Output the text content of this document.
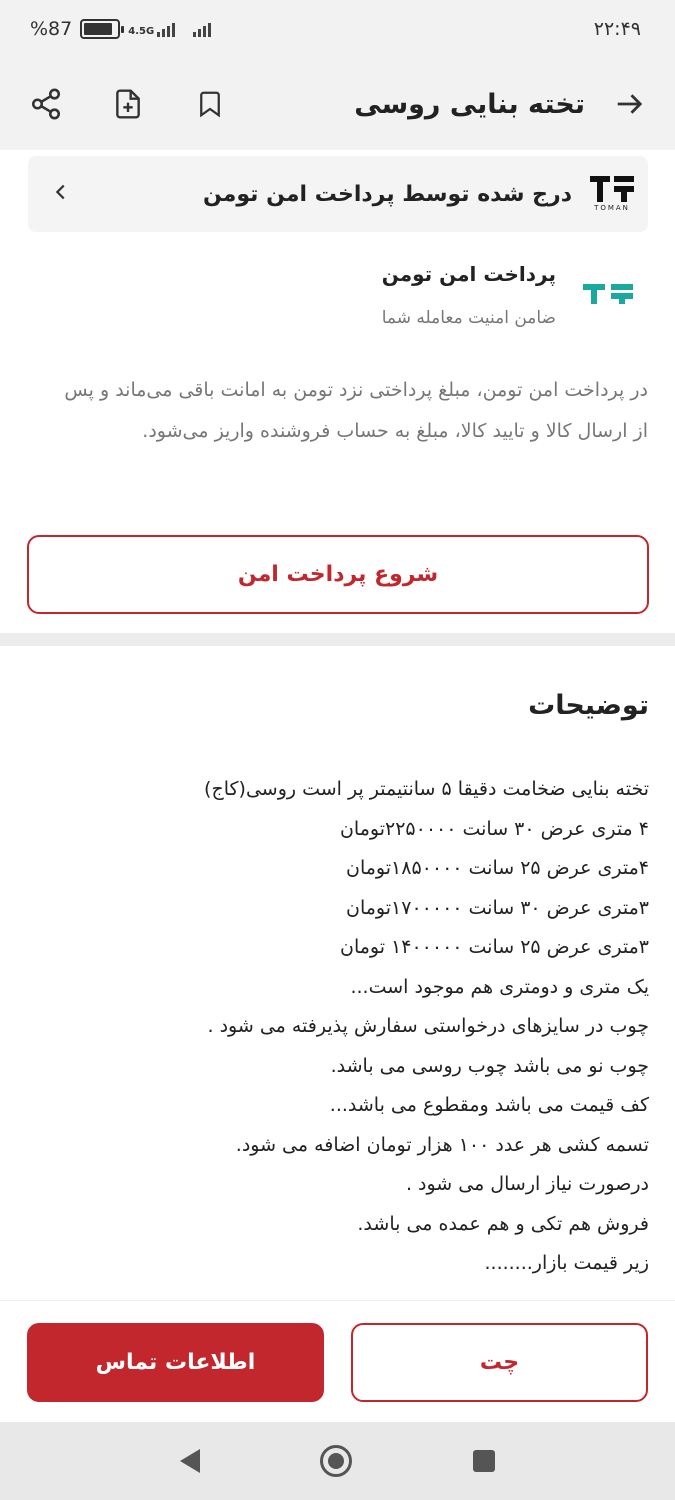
%87	4.5G	۲۲:۴۹
تخته بنایی روسی
درج شده توسط پرداخت امن تومن
TOMAN
پرداخت امن تومن
ضامن امنیت معامله شما

در پرداخت امن تومن، مبلغ پرداختی نزد تومن به امانت باقی می‌ماند و پس از ارسال کالا و تایید کالا، مبلغ به حساب فروشنده واریز می‌شود.

شروع پرداخت امن
توضیحات
تخته بنایی ضخامت دقیقا ۵ سانتیمتر پر است روسی(کاج)
۴ متری عرض ۳۰ سانت ۲۲۵۰۰۰۰تومان
۴متری عرض ۲۵ سانت ۱۸۵۰۰۰۰تومان
۳متری عرض ۳۰ سانت ۱۷۰۰۰۰۰تومان
۳متری عرض ۲۵ سانت ۱۴۰۰۰۰۰ تومان
یک متری و دومتری هم موجود است...
چوب در سایزهای درخواستی سفارش پذیرفته می شود .
چوب نو می باشد چوب روسی می باشد.
کف قیمت می باشد ومقطوع می باشد...
تسمه کشی هر عدد ۱۰۰ هزار تومان اضافه می شود.
درصورت نیاز ارسال می شود .
فروش هم تکی و هم عمده می باشد.
زیر قیمت بازار........
اطلاعات تماس	چت
